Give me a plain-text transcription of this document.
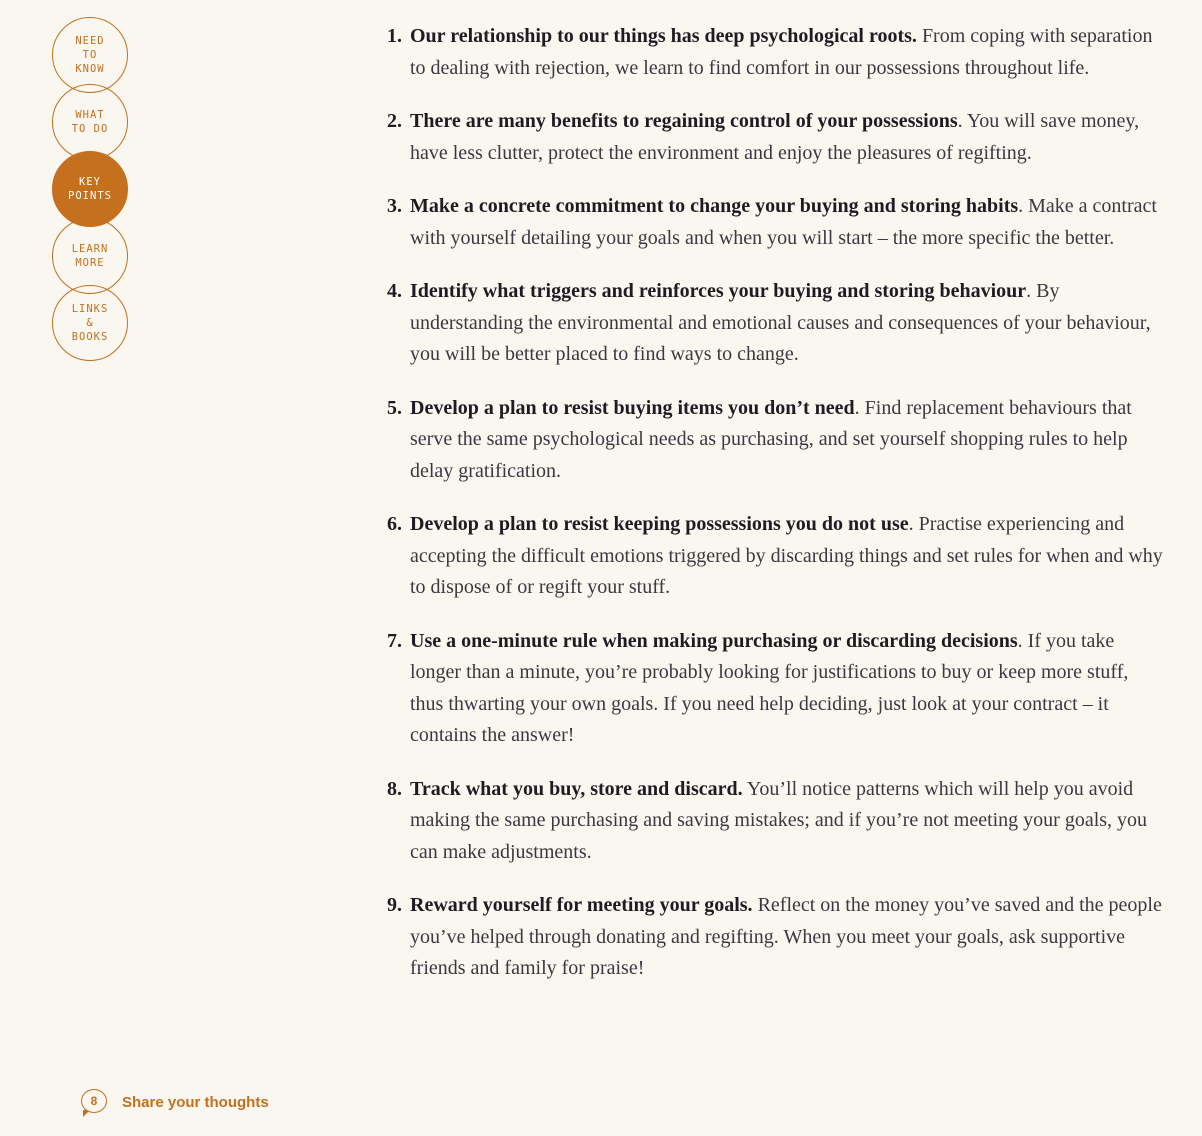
NEED
TO
KNOW
WHAT
TO DO
KEY
POINTS
LEARN
MORE
LINKS
&
BOOKS
1. Our relationship to our things has deep psychological roots. From coping with separation to dealing with rejection, we learn to find comfort in our possessions throughout life.
2. There are many benefits to regaining control of your possessions. You will save money, have less clutter, protect the environment and enjoy the pleasures of regifting.
3. Make a concrete commitment to change your buying and storing habits. Make a contract with yourself detailing your goals and when you will start – the more specific the better.
4. Identify what triggers and reinforces your buying and storing behaviour. By understanding the environmental and emotional causes and consequences of your behaviour, you will be better placed to find ways to change.
5. Develop a plan to resist buying items you don’t need. Find replacement behaviours that serve the same psychological needs as purchasing, and set yourself shopping rules to help delay gratification.
6. Develop a plan to resist keeping possessions you do not use. Practise experiencing and accepting the difficult emotions triggered by discarding things and set rules for when and why to dispose of or regift your stuff.
7. Use a one-minute rule when making purchasing or discarding decisions. If you take longer than a minute, you’re probably looking for justifications to buy or keep more stuff, thus thwarting your own goals. If you need help deciding, just look at your contract – it contains the answer!
8. Track what you buy, store and discard. You’ll notice patterns which will help you avoid making the same purchasing and saving mistakes; and if you’re not meeting your goals, you can make adjustments.
9. Reward yourself for meeting your goals. Reflect on the money you’ve saved and the people you’ve helped through donating and regifting. When you meet your goals, ask supportive friends and family for praise!
8	Share your thoughts
